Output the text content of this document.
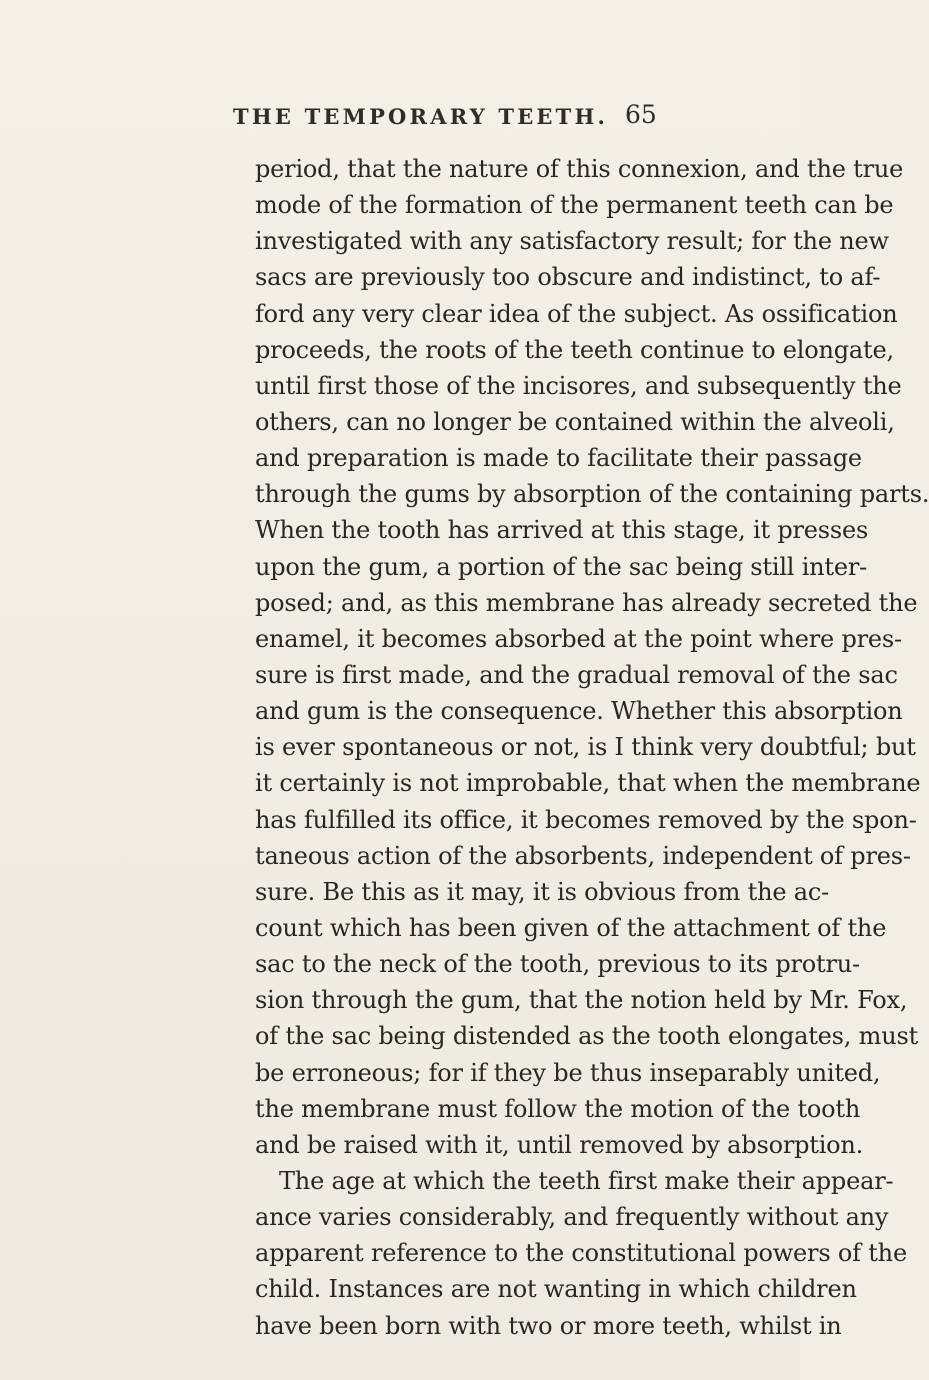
THE TEMPORARY TEETH. 65
period, that the nature of this connexion, and the true
mode of the formation of the permanent teeth can be
investigated with any satisfactory result; for the new
sacs are previously too obscure and indistinct, to af-
ford any very clear idea of the subject. As ossification
proceeds, the roots of the teeth continue to elongate,
until first those of the incisores, and subsequently the
others, can no longer be contained within the alveoli,
and preparation is made to facilitate their passage
through the gums by absorption of the containing parts.
When the tooth has arrived at this stage, it presses
upon the gum, a portion of the sac being still inter-
posed; and, as this membrane has already secreted the
enamel, it becomes absorbed at the point where pres-
sure is first made, and the gradual removal of the sac
and gum is the consequence. Whether this absorption
is ever spontaneous or not, is I think very doubtful; but
it certainly is not improbable, that when the membrane
has fulfilled its office, it becomes removed by the spon-
taneous action of the absorbents, independent of pres-
sure. Be this as it may, it is obvious from the ac-
count which has been given of the attachment of the
sac to the neck of the tooth, previous to its protru-
sion through the gum, that the notion held by Mr. Fox,
of the sac being distended as the tooth elongates, must
be erroneous; for if they be thus inseparably united,
the membrane must follow the motion of the tooth
and be raised with it, until removed by absorption.
The age at which the teeth first make their appear-
ance varies considerably, and frequently without any
apparent reference to the constitutional powers of the
child. Instances are not wanting in which children
have been born with two or more teeth, whilst in
